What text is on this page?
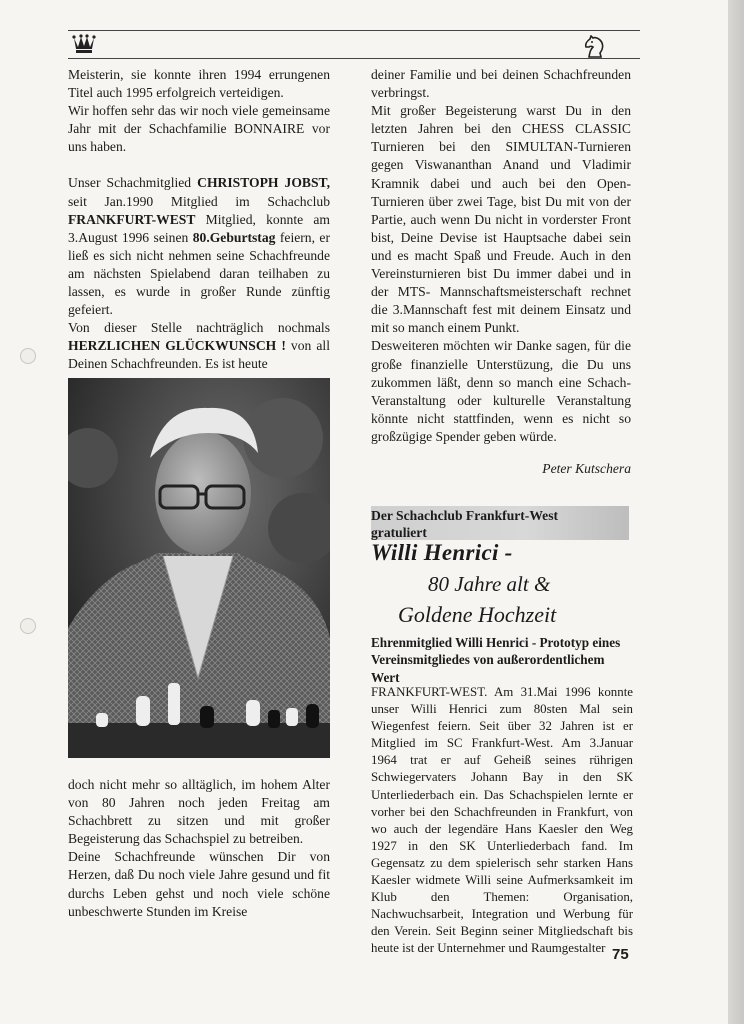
Meisterin, sie konnte ihren 1994 errungenen Titel auch 1995 erfolgreich verteidigen.

Wir hoffen sehr das wir noch viele gemeinsame Jahr mit der Schachfamilie BONNAIRE vor uns haben.

Unser Schachmitglied CHRISTOPH JOBST, seit Jan.1990 Mitglied im Schachclub FRANKFURT-WEST Mitglied, konnte am 3.August 1996 seinen 80.Geburtstag feiern, er ließ es sich nicht nehmen seine Schachfreunde am nächsten Spielabend daran teilhaben zu lassen, es wurde in großer Runde zünftig gefeiert.

Von dieser Stelle nachträglich nochmals HERZLICHEN GLÜCKWUNSCH ! von all Deinen Schachfreunden. Es ist heute

doch nicht mehr so alltäglich, im hohem Alter von 80 Jahren noch jeden Freitag am Schachbrett zu sitzen und mit großer Begeisterung das Schachspiel zu betreiben.

Deine Schachfreunde wünschen Dir von Herzen, daß Du noch viele Jahre gesund und fit durchs Leben gehst und noch viele schöne unbeschwerte Stunden im Kreise

deiner Familie und bei deinen Schachfreunden verbringst.

Mit großer Begeisterung warst Du in den letzten Jahren bei den CHESS CLASSIC Turnieren bei den SIMULTAN-Turnieren gegen Viswananthan Anand und Vladimir Kramnik dabei und auch bei den Open-Turnieren über zwei Tage, bist Du mit von der Partie, auch wenn Du nicht in vorderster Front bist, Deine Devise ist Hauptsache dabei sein und es macht Spaß und Freude. Auch in den Vereinsturnieren bist Du immer dabei und in der MTS- Mannschaftsmeisterschaft rechnet die 3.Mannschaft fest mit deinem Einsatz und mit so manch einem Punkt.

Desweiteren möchten wir Danke sagen, für die große finanzielle Unterstüzung, die Du uns zukommen läßt, denn so manch eine Schach-Veranstaltung oder kulturelle Veranstaltung könnte nicht stattfinden, wenn es nicht so großzügige Spender geben würde.

Peter Kutschera

Der Schachclub Frankfurt-West gratuliert
Willi Henrici -
80 Jahre alt &
Goldene Hochzeit
Ehrenmitglied Willi Henrici - Prototyp eines Vereinsmitgliedes von außerordentlichem Wert

FRANKFURT-WEST. Am 31.Mai 1996 konnte unser Willi Henrici zum 80sten Mal sein Wiegenfest feiern. Seit über 32 Jahren ist er Mitglied im SC Frankfurt-West. Am 3.Januar 1964 trat er auf Geheiß seines rührigen Schwiegervaters Johann Bay in den SK Unterliederbach ein. Das Schachspielen lernte er vorher bei den Schachfreunden in Frankfurt, von wo auch der legendäre Hans Kaesler den Weg 1927 in den SK Unterliederbach fand. Im Gegensatz zu dem spielerisch sehr starken Hans Kaesler widmete Willi seine Aufmerksamkeit im Klub den Themen: Organisation, Nachwuchsarbeit, Integration und Werbung für den Verein. Seit Beginn seiner Mitgliedschaft bis heute ist der Unternehmer und Raumgestalter 75
